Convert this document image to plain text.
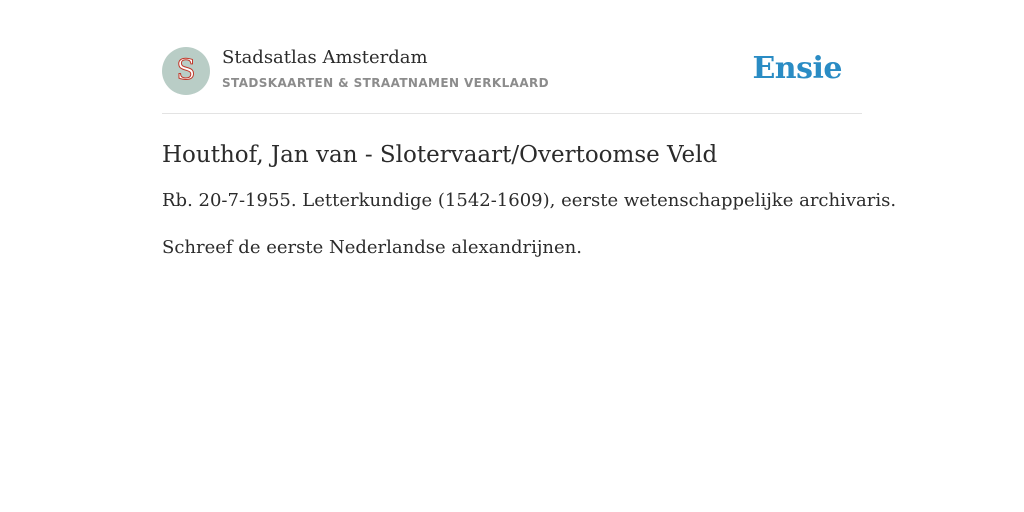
S Stadsatlas Amsterdam
STADSKAARTEN & STRAATNAMEN VERKLAARD	Ensie
Houthof, Jan van - Slotervaart/Overtoomse Veld

Rb. 20-7-1955. Letterkundige (1542-1609), eerste wetenschappelijke archivaris.

Schreef de eerste Nederlandse alexandrijnen.
